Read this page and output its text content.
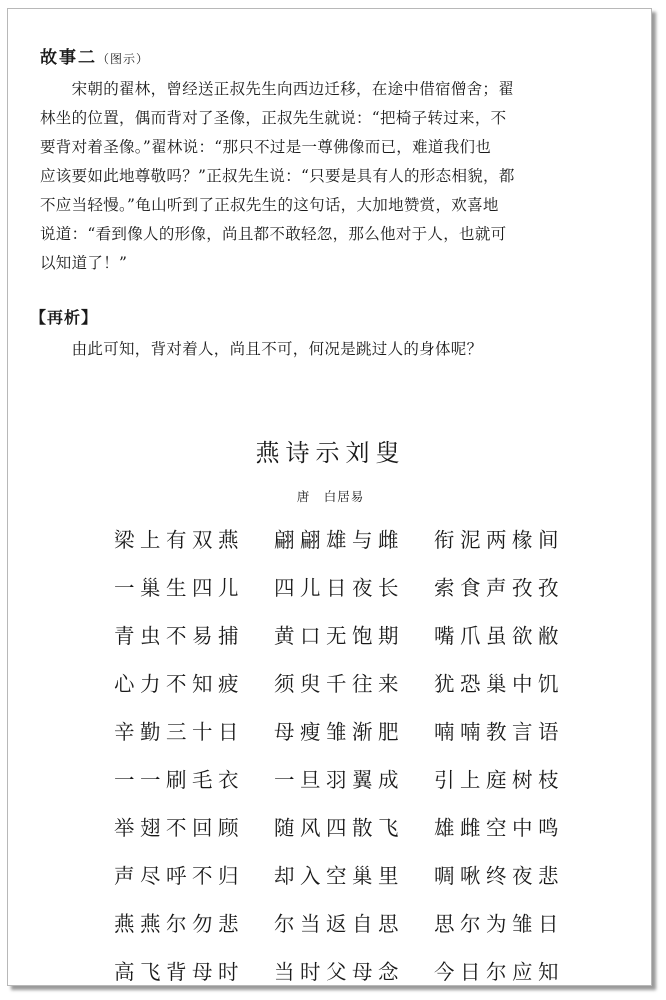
故事二（图示）
　　宋朝的翟林，曾经送正叔先生向西边迁移，在途中借宿僧舍；翟
林坐的位置，偶而背对了圣像，正叔先生就说：“把椅子转过来，不
要背对着圣像。”翟林说：“那只不过是一尊佛像而已，难道我们也
应该要如此地尊敬吗？”正叔先生说：“只要是具有人的形态相貌，都
不应当轻慢。”龟山听到了正叔先生的这句话，大加地赞赏，欢喜地
说道：“看到像人的形像，尚且都不敢轻忽，那么他对于人，也就可
以知道了！”
【再析】
　　由此可知，背对着人，尚且不可，何况是跳过人的身体呢？
燕诗示刘叟
唐　白居易
梁上有双燕	翩翩雄与雌	衔泥两椽间
一巢生四儿	四儿日夜长	索食声孜孜
青虫不易捕	黄口无饱期	嘴爪虽欲敝
心力不知疲	须臾千往来	犹恐巢中饥
辛勤三十日	母瘦雏渐肥	喃喃教言语
一一刷毛衣	一旦羽翼成	引上庭树枝
举翅不回顾	随风四散飞	雄雌空中鸣
声尽呼不归	却入空巢里	啁啾终夜悲
燕燕尔勿悲	尔当返自思	思尔为雏日
高飞背母时	当时父母念	今日尔应知
